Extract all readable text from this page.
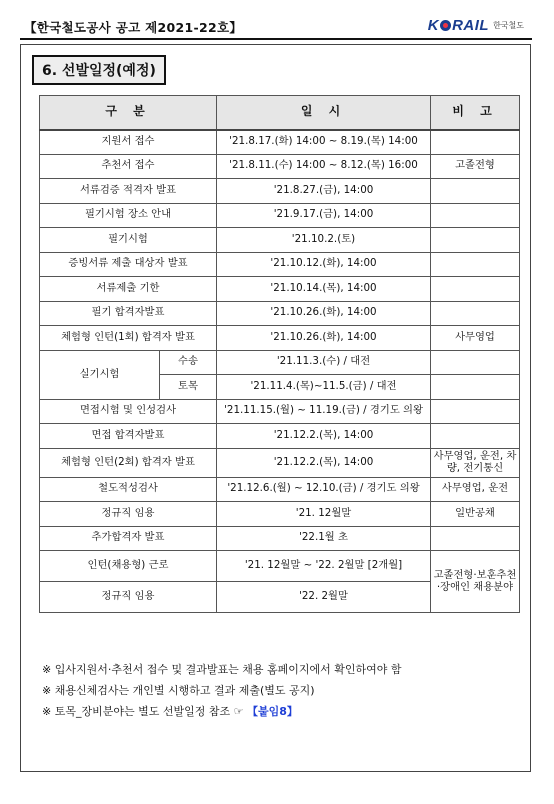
【한국철도공사 공고 제2021-22호】	K RAIL 한국철도
6. 선발일정(예정)
구 분		일 시	비 고
지원서 접수		'21.8.17.(화) 14:00 ~ 8.19.(목) 14:00	
추천서 접수		'21.8.11.(수) 14:00 ~ 8.12.(목) 16:00	고졸전형
서류검증 적격자 발표		'21.8.27.(금), 14:00	
필기시험 장소 안내		'21.9.17.(금), 14:00	
필기시험		'21.10.2.(토)	
증빙서류 제출 대상자 발표		'21.10.12.(화), 14:00	
서류제출 기한		'21.10.14.(목), 14:00	
필기 합격자발표		'21.10.26.(화), 14:00	
체험형 인턴(1회) 합격자 발표		'21.10.26.(화), 14:00	사무영업
실기시험	수송	'21.11.3.(수) / 대전	
	토목	'21.11.4.(목)~11.5.(금) / 대전	
면접시험 및 인성검사		'21.11.15.(월) ~ 11.19.(금) / 경기도 의왕	
면접 합격자발표		'21.12.2.(목), 14:00	
체험형 인턴(2회) 합격자 발표		'21.12.2.(목), 14:00	사무영업, 운전, 차량, 전기통신
철도적성검사		'21.12.6.(월) ~ 12.10.(금) / 경기도 의왕	사무영업, 운전
정규직 임용		'21. 12월말	일반공채
추가합격자 발표		'22.1월 초	
인턴(채용형) 근로		'21. 12월말 ~ '22. 2월말 [2개월]	고졸전형·보훈추천·장애인 채용분야
정규직 임용		'22. 2월말	
※ 입사지원서·추천서 접수 및 결과발표는 채용 홈페이지에서 확인하여야 함
※ 채용신체검사는 개인별 시행하고 결과 제출(별도 공지)
※ 토목_장비분야는 별도 선발일정 참조 ☞ 【붙임8】
